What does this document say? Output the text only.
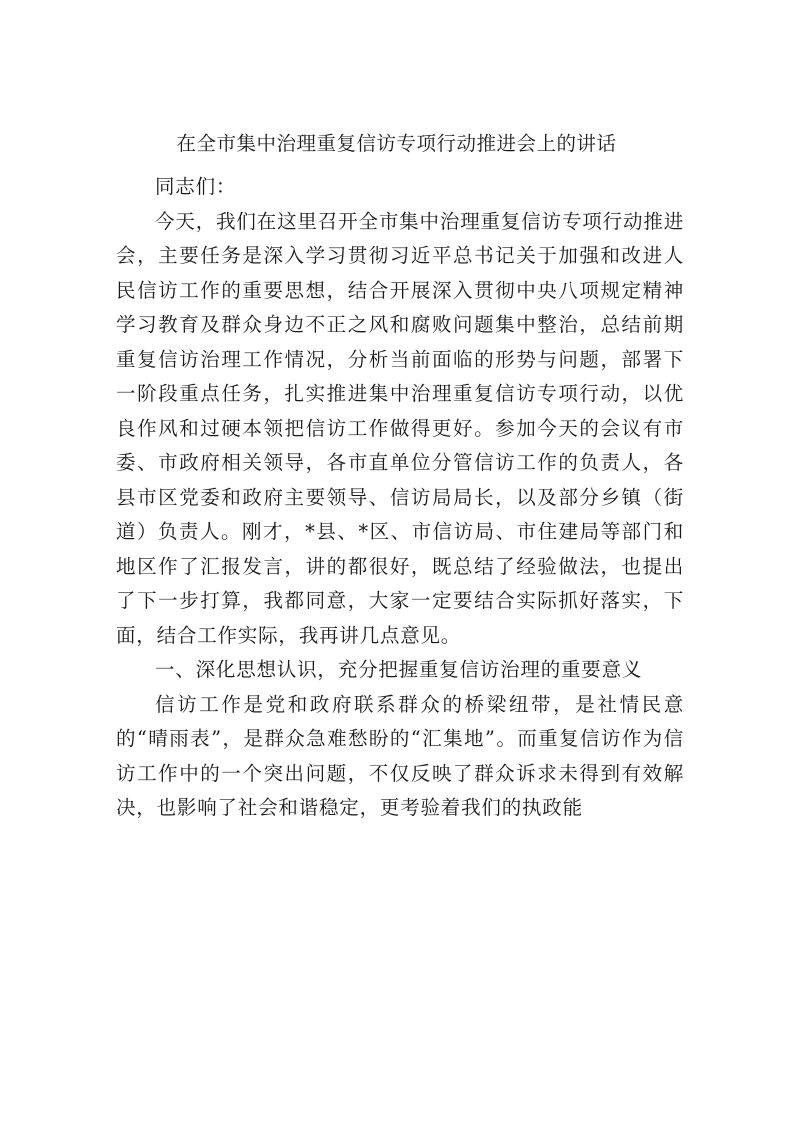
在全市集中治理重复信访专项行动推进会上的讲话

同志们：

今天，我们在这里召开全市集中治理重复信访专项行动推进会，主要任务是深入学习贯彻习近平总书记关于加强和改进人民信访工作的重要思想，结合开展深入贯彻中央八项规定精神学习教育及群众身边不正之风和腐败问题集中整治，总结前期重复信访治理工作情况，分析当前面临的形势与问题，部署下一阶段重点任务，扎实推进集中治理重复信访专项行动，以优良作风和过硬本领把信访工作做得更好。参加今天的会议有市委、市政府相关领导，各市直单位分管信访工作的负责人，各县市区党委和政府主要领导、信访局局长，以及部分乡镇（街道）负责人。刚才，*县、*区、市信访局、市住建局等部门和地区作了汇报发言，讲的都很好，既总结了经验做法，也提出了下一步打算，我都同意，大家一定要结合实际抓好落实，下面，结合工作实际，我再讲几点意见。

一、深化思想认识，充分把握重复信访治理的重要意义

信访工作是党和政府联系群众的桥梁纽带，是社情民意的“晴雨表”，是群众急难愁盼的“汇集地”。而重复信访作为信访工作中的一个突出问题，不仅反映了群众诉求未得到有效解决，也影响了社会和谐稳定，更考验着我们的执政能
